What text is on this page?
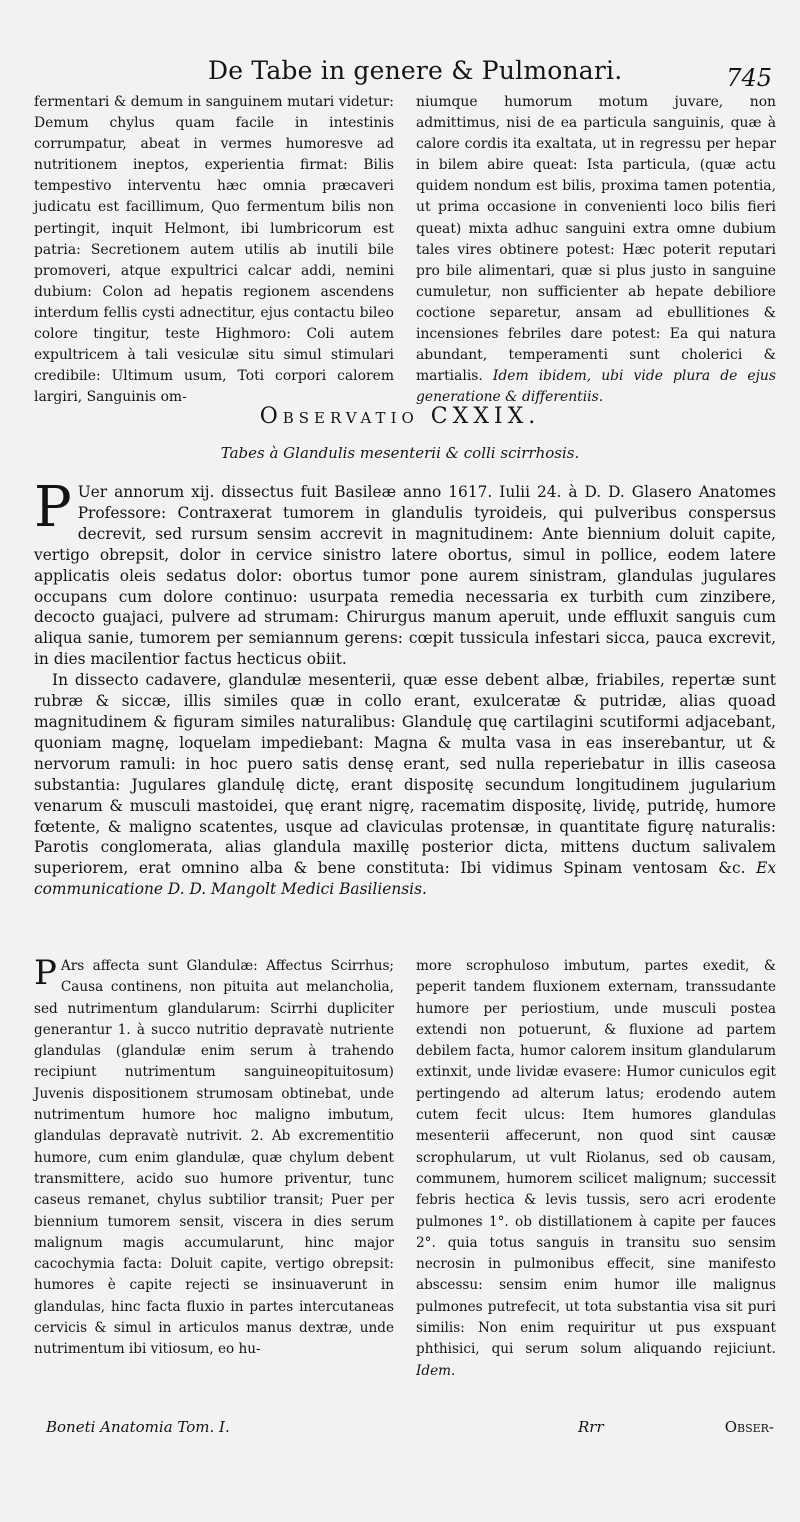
De Tabe in genere & Pulmonari.	745

fermentari & demum in sanguinem mutari videtur: Demum chylus quam facile in intestinis corrumpatur, abeat in vermes humoresve ad nutritionem ineptos, experientia firmat: Bilis tempestivo interventu hæc omnia præcaveri judicatu est facillimum, Quo fermentum bilis non pertingit, inquit Helmont, ibi lumbricorum est patria: Secretionem autem utilis ab inutili bile promoveri, atque expultrici calcar addi, nemini dubium: Colon ad hepatis regionem ascendens interdum fellis cysti adnectitur, ejus contactu bileo colore tingitur, teste Highmoro: Coli autem expultricem à tali vesiculæ situ simul stimulari credibile: Ultimum usum, Toti corpori calorem largiri, Sanguinis om-

niumque humorum motum juvare, non admittimus, nisi de ea particula sanguinis, quæ à calore cordis ita exaltata, ut in regressu per hepar in bilem abire queat: Ista particula, (quæ actu quidem nondum est bilis, proxima tamen potentia, ut prima occasione in convenienti loco bilis fieri queat) mixta adhuc sanguini extra omne dubium tales vires obtinere potest: Hæc poterit reputari pro bile alimentari, quæ si plus justo in sanguine cumuletur, non sufficienter ab hepate debiliore coctione separetur, ansam ad ebullitiones & incensiones febriles dare potest: Ea qui natura abundant, temperamenti sunt cholerici & martialis. Idem ibidem, ubi vide plura de ejus generatione & differentiis.

Observatio CXXIX.
Tabes à Glandulis mesenterii & colli scirrhosis.

P Uer annorum xij. dissectus fuit Basileæ anno 1617. Iulii 24. à D. D. Glasero Anatomes Professore: Contraxerat tumorem in glandulis tyroideis, qui pulveribus conspersus decrevit, sed rursum sensim accrevit in magnitudinem: Ante biennium doluit capite, vertigo obrepsit, dolor in cervice sinistro latere obortus, simul in pollice, eodem latere applicatis oleis sedatus dolor: obortus tumor pone aurem sinistram, glandulas jugulares occupans cum dolore continuo: usurpata remedia necessaria ex turbith cum zinzibere, decocto guajaci, pulvere ad strumam: Chirurgus manum aperuit, unde effluxit sanguis cum aliqua sanie, tumorem per semiannum gerens: cœpit tussicula infestari sicca, pauca excrevit, in dies macilentior factus hecticus obiit.

In dissecto cadavere, glandulæ mesenterii, quæ esse debent albæ, friabiles, repertæ sunt rubræ & siccæ, illis similes quæ in collo erant, exulceratæ & putridæ, alias quoad magnitudinem & figuram similes naturalibus: Glandulę quę cartilagini scutiformi adjacebant, quoniam magnę, loquelam impediebant: Magna & multa vasa in eas inserebantur, ut & nervorum ramuli: in hoc puero satis densę erant, sed nulla reperiebatur in illis caseosa substantia: Jugulares glandulę dictę, erant dispositę secundum longitudinem jugularium venarum & musculi mastoidei, quę erant nigrę, racematim dispositę, lividę, putridę, humore fœtente, & maligno scatentes, usque ad claviculas protensæ, in quantitate figurę naturalis: Parotis conglomerata, alias glandula maxillę posterior dicta, mittens ductum salivalem superiorem, erat omnino alba & bene constituta: Ibi vidimus Spinam ventosam &c. Ex communicatione D. D. Mangolt Medici Basiliensis.

P Ars affecta sunt Glandulæ: Affectus Scirrhus; Causa continens, non pituita aut melancholia, sed nutrimentum glandularum: Scirrhi dupliciter generantur 1. à succo nutritio depravatè nutriente glandulas (glandulæ enim serum à trahendo recipiunt nutrimentum sanguineopituitosum) Juvenis dispositionem strumosam obtinebat, unde nutrimentum humore hoc maligno imbutum, glandulas depravatè nutrivit. 2. Ab excrementitio humore, cum enim glandulæ, quæ chylum debent transmittere, acido suo humore priventur, tunc caseus remanet, chylus subtilior transit; Puer per biennium tumorem sensit, viscera in dies serum malignum magis accumularunt, hinc major cacochymia facta: Doluit capite, vertigo obrepsit: humores è capite rejecti se insinuaverunt in glandulas, hinc facta fluxio in partes intercutaneas cervicis & simul in articulos manus dextræ, unde nutrimentum ibi vitiosum, eo hu-

more scrophuloso imbutum, partes exedit, & peperit tandem fluxionem externam, transsudante humore per periostium, unde musculi postea extendi non potuerunt, & fluxione ad partem debilem facta, humor calorem insitum glandularum extinxit, unde lividæ evasere: Humor cuniculos egit pertingendo ad alterum latus; erodendo autem cutem fecit ulcus: Item humores glandulas mesenterii affecerunt, non quod sint causæ scrophularum, ut vult Riolanus, sed ob causam, communem, humorem scilicet malignum; successit febris hectica & levis tussis, sero acri erodente pulmones 1°. ob distillationem à capite per fauces 2°. quia totus sanguis in transitu suo sensim necrosin in pulmonibus effecit, sine manifesto abscessu: sensim enim humor ille malignus pulmones putrefecit, ut tota substantia visa sit puri similis: Non enim requiritur ut pus exspuant phthisici, qui serum solum aliquando rejiciunt. Idem.

Boneti Anatomia Tom. I.	Rrr	Obser-
